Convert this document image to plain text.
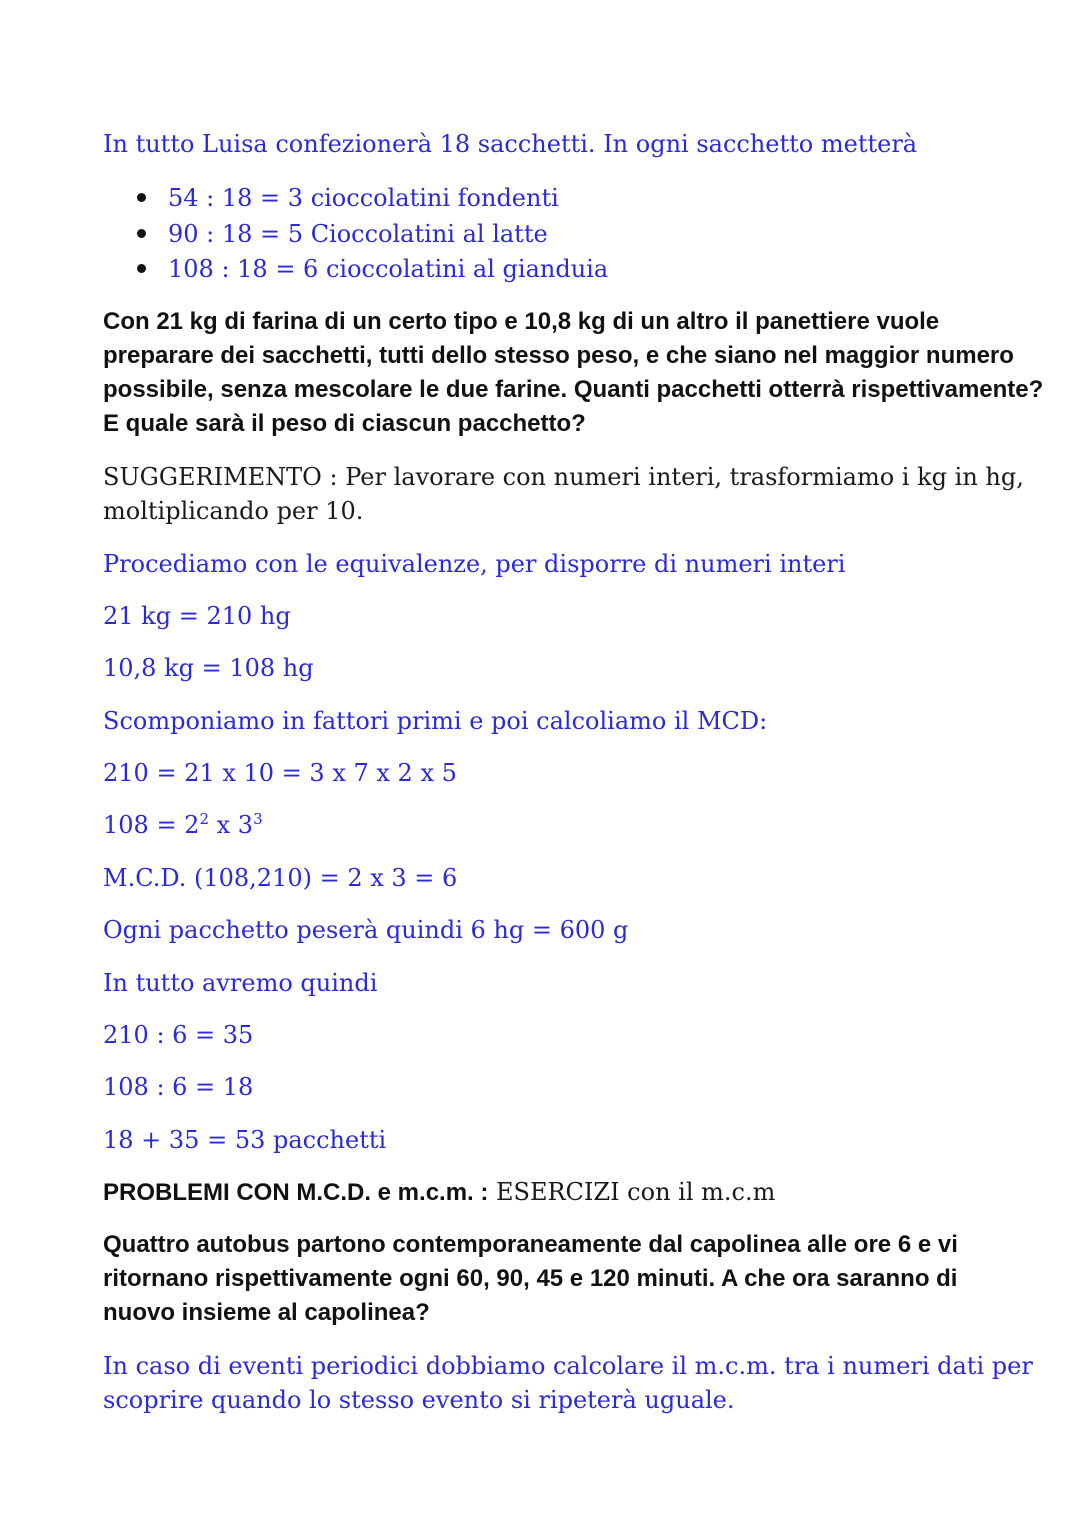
In tutto Luisa confezionerà 18 sacchetti. In ogni sacchetto metterà
54 : 18 = 3 cioccolatini fondenti
90 : 18 = 5 Cioccolatini al latte
108 : 18 = 6 cioccolatini al gianduia
Con 21 kg di farina di un certo tipo e 10,8 kg di un altro il panettiere vuole
preparare dei sacchetti, tutti dello stesso peso, e che siano nel maggior numero
possibile, senza mescolare le due farine. Quanti pacchetti otterrà rispettivamente?
E quale sarà il peso di ciascun pacchetto?
SUGGERIMENTO : Per lavorare con numeri interi, trasformiamo i kg in hg,
moltiplicando per 10.
Procediamo con le equivalenze, per disporre di numeri interi
21 kg = 210 hg
10,8 kg = 108 hg
Scomponiamo in fattori primi e poi calcoliamo il MCD:
210 = 21 x 10 = 3 x 7 x 2 x 5
$108 = 2^2$ x $3^3$
M.C.D. (108,210) = 2 x 3 = 6
Ogni pacchetto peserà quindi 6 hg = 600 g
In tutto avremo quindi
210 : 6 = 35
108 : 6 = 18
18 + 35 = 53 pacchetti
PROBLEMI CON M.C.D. e m.c.m. : ESERCIZI con il m.c.m
Quattro autobus partono contemporaneamente dal capolinea alle ore 6 e vi
ritornano rispettivamente ogni 60, 90, 45 e 120 minuti. A che ora saranno di
nuovo insieme al capolinea?
In caso di eventi periodici dobbiamo calcolare il m.c.m. tra i numeri dati per
scoprire quando lo stesso evento si ripeterà uguale.
